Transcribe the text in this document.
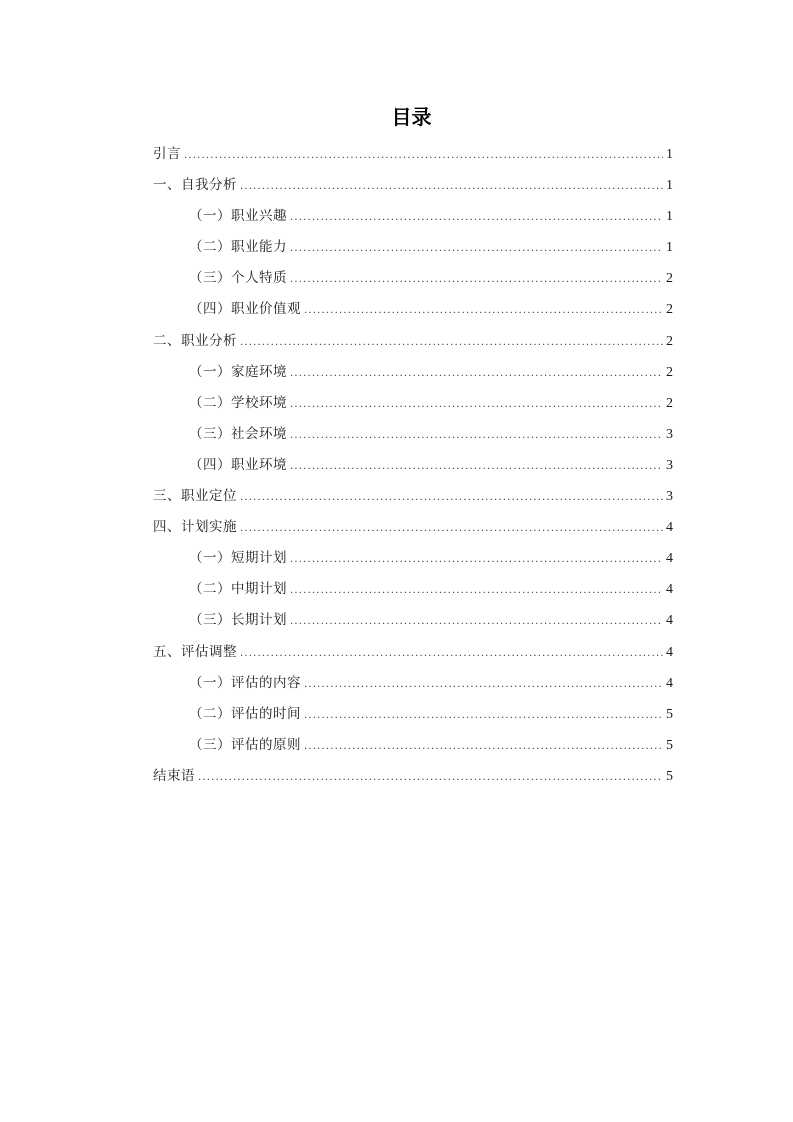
目录
引言 .....	1
一、自我分析 .....	1
（一）职业兴趣 .....	1
（二）职业能力 .....	1
（三）个人特质 .....	2
（四）职业价值观 .....	2
二、职业分析 .....	2
（一）家庭环境 .....	2
（二）学校环境 .....	2
（三）社会环境 .....	3
（四）职业环境 .....	3
三、职业定位 .....	3
四、计划实施 .....	4
（一）短期计划 .....	4
（二）中期计划 .....	4
（三）长期计划 .....	4
五、评估调整 .....	4
（一）评估的内容 .....	4
（二）评估的时间 .....	5
（三）评估的原则 .....	5
结束语 .....	5
